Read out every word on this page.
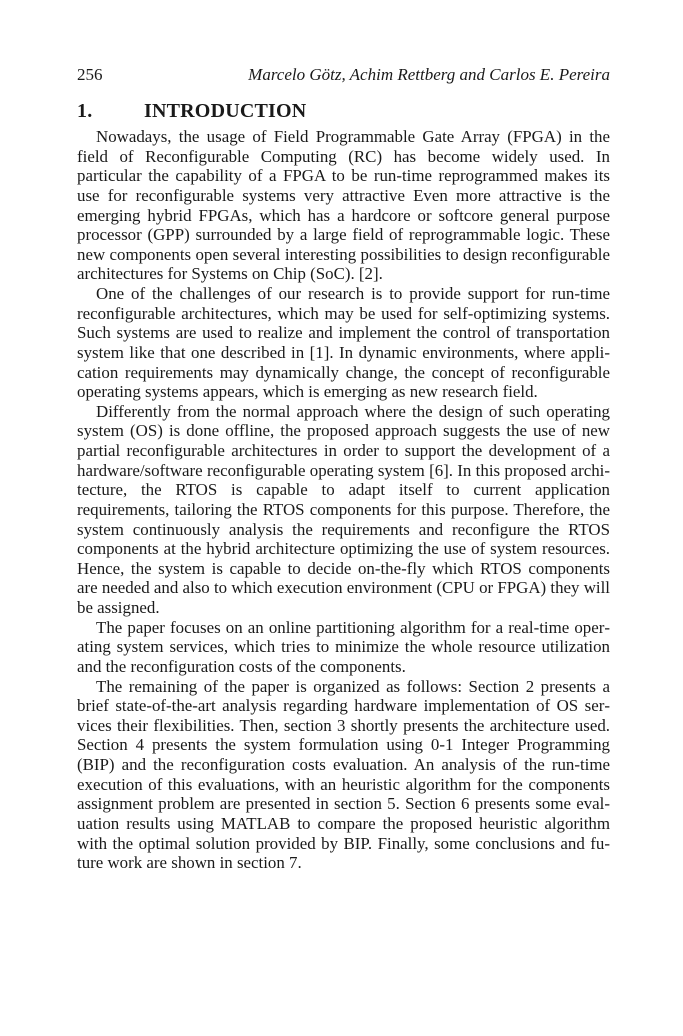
256	Marcelo Götz, Achim Rettberg and Carlos E. Pereira
1.	INTRODUCTION

Nowadays, the usage of Field Programmable Gate Array (FPGA) in the field of Reconfigurable Computing (RC) has become widely used. In particular the capability of a FPGA to be run-time reprogrammed makes its use for reconfigurable systems very attractive Even more attractive is the emerging hybrid FPGAs, which has a hardcore or softcore general purpose processor (GPP) surrounded by a large field of reprogrammable logic. These new components open several interesting possibilities to design reconfigurable architectures for Systems on Chip (SoC). [2].

One of the challenges of our research is to provide support for run-time reconfigurable architectures, which may be used for self-optimizing systems. Such systems are used to realize and implement the control of transportation system like that one described in [1]. In dynamic environments, where application requirements may dynamically change, the concept of reconfigurable operating systems appears, which is emerging as new research field.

Differently from the normal approach where the design of such operating system (OS) is done offline, the proposed approach suggests the use of new partial reconfigurable architectures in order to support the development of a hardware/software reconfigurable operating system [6]. In this proposed architecture, the RTOS is capable to adapt itself to current application requirements, tailoring the RTOS components for this purpose. Therefore, the system continuously analysis the requirements and reconfigure the RTOS components at the hybrid architecture optimizing the use of system resources. Hence, the system is capable to decide on-the-fly which RTOS components are needed and also to which execution environment (CPU or FPGA) they will be assigned.

The paper focuses on an online partitioning algorithm for a real-time operating system services, which tries to minimize the whole resource utilization and the reconfiguration costs of the components.

The remaining of the paper is organized as follows: Section 2 presents a brief state-of-the-art analysis regarding hardware implementation of OS services their flexibilities. Then, section 3 shortly presents the architecture used. Section 4 presents the system formulation using 0-1 Integer Programming (BIP) and the reconfiguration costs evaluation. An analysis of the run-time execution of this evaluations, with an heuristic algorithm for the components assignment problem are presented in section 5. Section 6 presents some evaluation results using MATLAB to compare the proposed heuristic algorithm with the optimal solution provided by BIP. Finally, some conclusions and future work are shown in section 7.
